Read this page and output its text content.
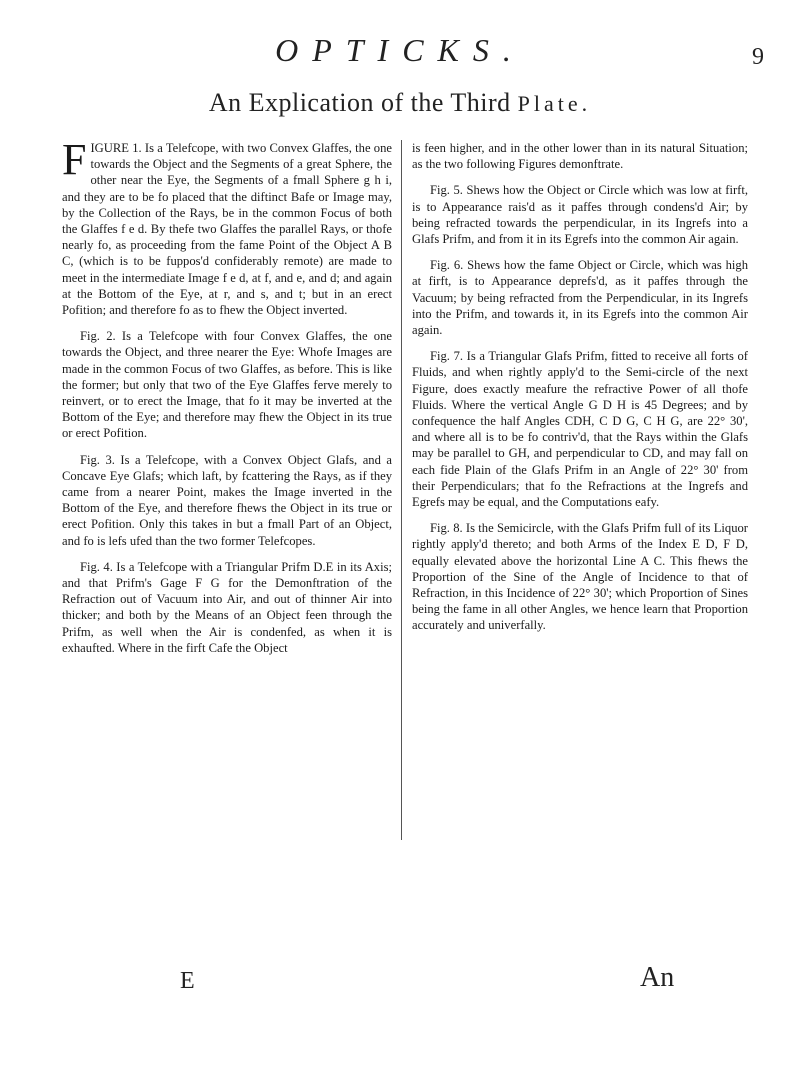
OPTICKS.	9
An Explication of the Third Plate.

FIGURE 1. Is a Telefcope, with two Convex Glaffes, the one towards the Object and the Segments of a great Sphere, the other near the Eye, the Segments of a fmall Sphere g h i, and they are to be fo placed that the diftinct Bafe or Image may, by the Collection of the Rays, be in the common Focus of both the Glaffes f e d. By thefe two Glaffes the parallel Rays, or thofe nearly fo, as proceeding from the fame Point of the Object A B C, (which is to be fuppos'd confiderably remote) are made to meet in the intermediate Image f e d, at f, and e, and d; and again at the Bottom of the Eye, at r, and s, and t; but in an erect Pofition; and therefore fo as to fhew the Object inverted.

Fig. 2. Is a Telefcope with four Convex Glaffes, the one towards the Object, and three nearer the Eye: Whofe Images are made in the common Focus of two Glaffes, as before. This is like the former; but only that two of the Eye Glaffes ferve merely to reinvert, or to erect the Image, that fo it may be inverted at the Bottom of the Eye; and therefore may fhew the Object in its true or erect Pofition.

Fig. 3. Is a Telefcope, with a Convex Object Glafs, and a Concave Eye Glafs; which laft, by fcattering the Rays, as if they came from a nearer Point, makes the Image inverted in the Bottom of the Eye, and therefore fhews the Object in its true or erect Pofition. Only this takes in but a fmall Part of an Object, and fo is lefs ufed than the two former Telefcopes.

Fig. 4. Is a Telefcope with a Triangular Prifm D.E in its Axis; and that Prifm's Gage F G for the Demonftration of the Refraction out of Vacuum into Air, and out of thinner Air into thicker; and both by the Means of an Object feen through the Prifm, as well when the Air is condenfed, as when it is exhaufted. Where in the firft Cafe the Object

is feen higher, and in the other lower than in its natural Situation; as the two following Figures demonftrate.

Fig. 5. Shews how the Object or Circle which was low at firft, is to Appearance rais'd as it paffes through condens'd Air; by being refracted towards the perpendicular, in its Ingrefs into a Glafs Prifm, and from it in its Egrefs into the common Air again.

Fig. 6. Shews how the fame Object or Circle, which was high at firft, is to Appearance deprefs'd, as it paffes through the Vacuum; by being refracted from the Perpendicular, in its Ingrefs into the Prifm, and towards it, in its Egrefs into the common Air again.

Fig. 7. Is a Triangular Glafs Prifm, fitted to receive all forts of Fluids, and when rightly apply'd to the Semi-circle of the next Figure, does exactly meafure the refractive Power of all thofe Fluids. Where the vertical Angle G D H is 45 Degrees; and by confequence the half Angles CDH, C D G, C H G, are 22° 30', and where all is to be fo contriv'd, that the Rays within the Glafs may be parallel to GH, and perpendicular to CD, and may fall on each fide Plain of the Glafs Prifm in an Angle of 22° 30' from their Perpendiculars; that fo the Refractions at the Ingrefs and Egrefs may be equal, and the Computations eafy.

Fig. 8. Is the Semicircle, with the Glafs Prifm full of its Liquor rightly apply'd thereto; and both Arms of the Index E D, F D, equally elevated above the horizontal Line A C. This fhews the Proportion of the Sine of the Angle of Incidence to that of Refraction, in this Incidence of 22° 30'; which Proportion of Sines being the fame in all other Angles, we hence learn that Proportion accurately and univerfally.

E	An
